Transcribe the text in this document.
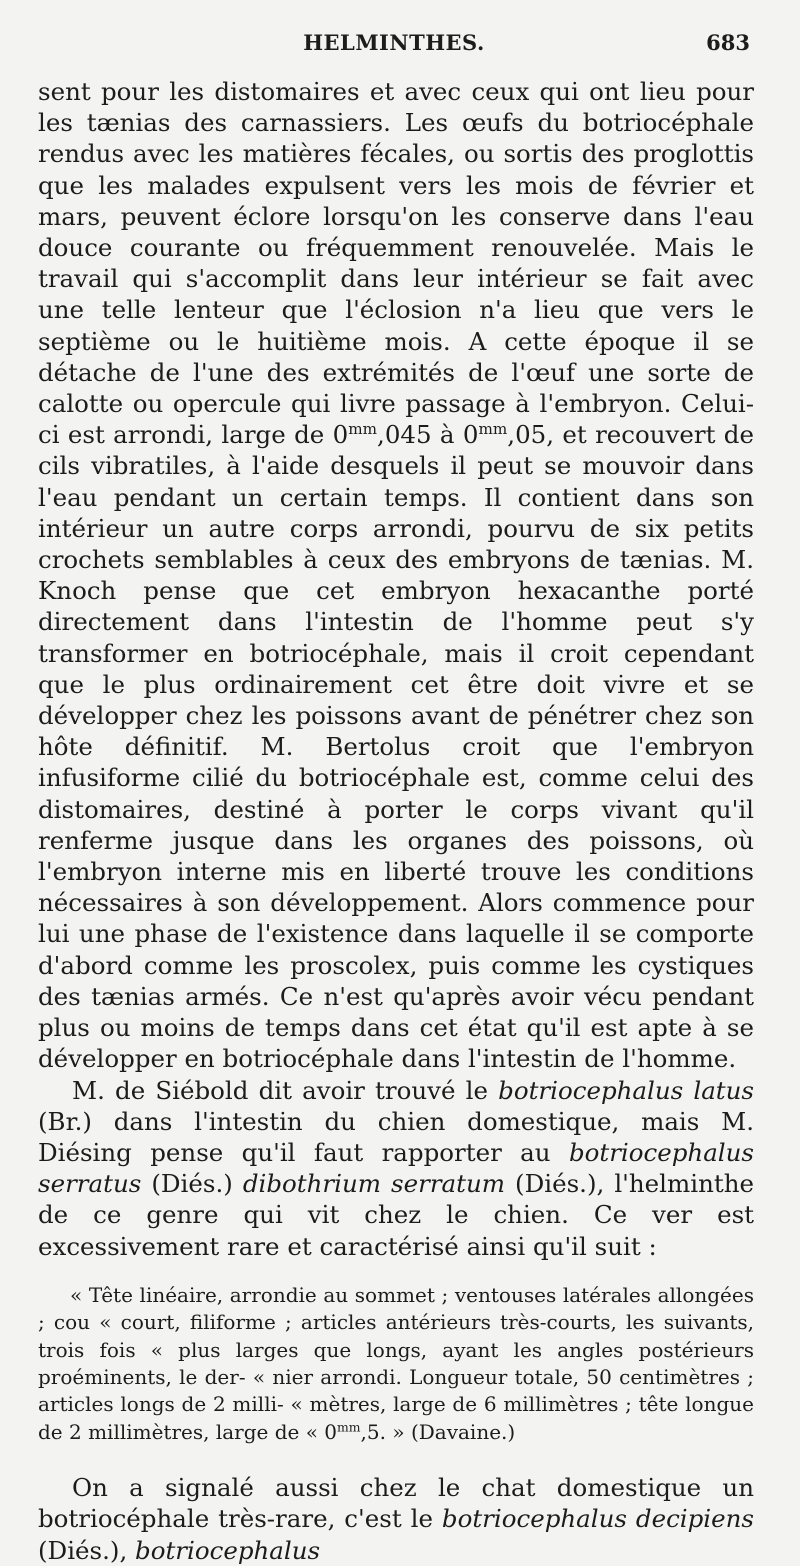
HELMINTHES.	683

sent pour les distomaires et avec ceux qui ont lieu pour les tænias des carnassiers. Les œufs du botriocéphale rendus avec les matières fécales, ou sortis des proglottis que les malades expulsent vers les mois de février et mars, peuvent éclore lorsqu'on les conserve dans l'eau douce courante ou fréquemment renouvelée. Mais le travail qui s'accomplit dans leur intérieur se fait avec une telle lenteur que l'éclosion n'a lieu que vers le septième ou le huitième mois. A cette époque il se détache de l'une des extrémités de l'œuf une sorte de calotte ou opercule qui livre passage à l'embryon. Celui-ci est arrondi, large de $0^{mm},045$ à $0^{mm},05$, et recouvert de cils vibratiles, à l'aide desquels il peut se mouvoir dans l'eau pendant un certain temps. Il contient dans son intérieur un autre corps arrondi, pourvu de six petits crochets semblables à ceux des embryons de tænias. M. Knoch pense que cet embryon hexacanthe porté directement dans l'intestin de l'homme peut s'y transformer en botriocéphale, mais il croit cependant que le plus ordinairement cet être doit vivre et se développer chez les poissons avant de pénétrer chez son hôte définitif. M. Bertolus croit que l'embryon infusiforme cilié du botriocéphale est, comme celui des distomaires, destiné à porter le corps vivant qu'il renferme jusque dans les organes des poissons, où l'embryon interne mis en liberté trouve les conditions nécessaires à son développement. Alors commence pour lui une phase de l'existence dans laquelle il se comporte d'abord comme les proscolex, puis comme les cystiques des tænias armés. Ce n'est qu'après avoir vécu pendant plus ou moins de temps dans cet état qu'il est apte à se développer en botriocéphale dans l'intestin de l'homme.

M. de Siébold dit avoir trouvé le botriocephalus latus (Br.) dans l'intestin du chien domestique, mais M. Diésing pense qu'il faut rapporter au botriocephalus serratus (Diés.) dibothrium serratum (Diés.), l'helminthe de ce genre qui vit chez le chien. Ce ver est excessivement rare et caractérisé ainsi qu'il suit :

« Tête linéaire, arrondie au sommet ; ventouses latérales allongées ; cou « court, filiforme ; articles antérieurs très-courts, les suivants, trois fois « plus larges que longs, ayant les angles postérieurs proéminents, le der- « nier arrondi. Longueur totale, 50 centimètres ; articles longs de 2 milli- « mètres, large de 6 millimètres ; tête longue de 2 millimètres, large de « $0^{mm},5$. » (Davaine.)

On a signalé aussi chez le chat domestique un botriocéphale très-rare, c'est le botriocephalus decipiens (Diés.), botriocephalus
